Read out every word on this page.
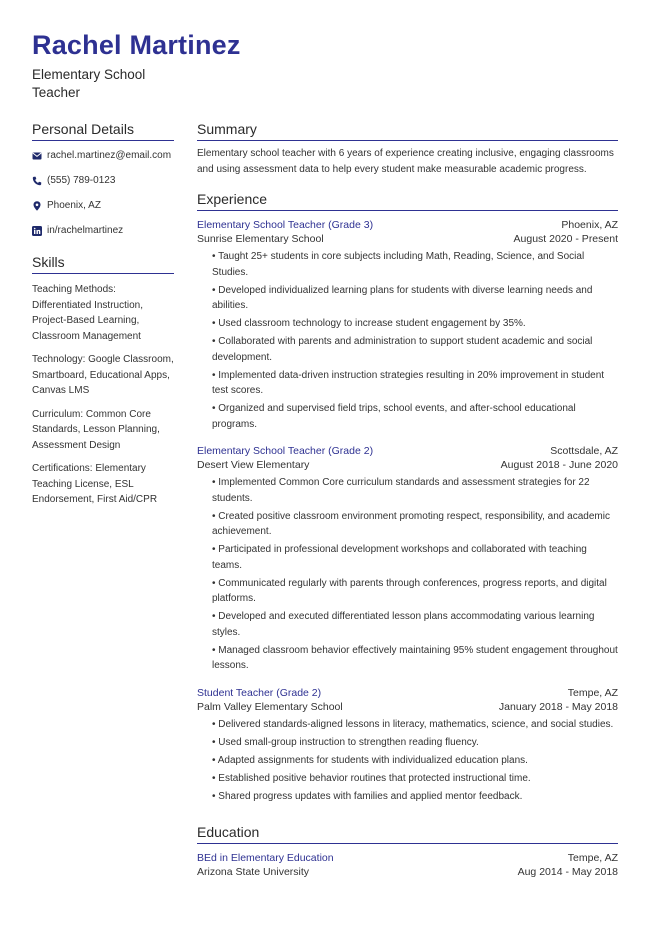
Rachel Martinez
Elementary School
Teacher
Personal Details
rachel.martinez@email.com
(555) 789-0123
Phoenix, AZ
in/rachelmartinez
Skills
Teaching Methods: Differentiated Instruction, Project-Based Learning, Classroom Management
Technology: Google Classroom, Smartboard, Educational Apps, Canvas LMS
Curriculum: Common Core Standards, Lesson Planning, Assessment Design
Certifications: Elementary Teaching License, ESL Endorsement, First Aid/CPR
Summary
Elementary school teacher with 6 years of experience creating inclusive, engaging classrooms and using assessment data to help every student make measurable academic progress.
Experience
Elementary School Teacher (Grade 3)	Phoenix, AZ
Sunrise Elementary School	August 2020 - Present
• Taught 25+ students in core subjects including Math, Reading, Science, and Social Studies.
• Developed individualized learning plans for students with diverse learning needs and abilities.
• Used classroom technology to increase student engagement by 35%.
• Collaborated with parents and administration to support student academic and social development.
• Implemented data-driven instruction strategies resulting in 20% improvement in student test scores.
• Organized and supervised field trips, school events, and after-school educational programs.
Elementary School Teacher (Grade 2)	Scottsdale, AZ
Desert View Elementary	August 2018 - June 2020
• Implemented Common Core curriculum standards and assessment strategies for 22 students.
• Created positive classroom environment promoting respect, responsibility, and academic achievement.
• Participated in professional development workshops and collaborated with teaching teams.
• Communicated regularly with parents through conferences, progress reports, and digital platforms.
• Developed and executed differentiated lesson plans accommodating various learning styles.
• Managed classroom behavior effectively maintaining 95% student engagement throughout lessons.
Student Teacher (Grade 2)	Tempe, AZ
Palm Valley Elementary School	January 2018 - May 2018
• Delivered standards-aligned lessons in literacy, mathematics, science, and social studies.
• Used small-group instruction to strengthen reading fluency.
• Adapted assignments for students with individualized education plans.
• Established positive behavior routines that protected instructional time.
• Shared progress updates with families and applied mentor feedback.
Education
BEd in Elementary Education	Tempe, AZ
Arizona State University	Aug 2014 - May 2018
